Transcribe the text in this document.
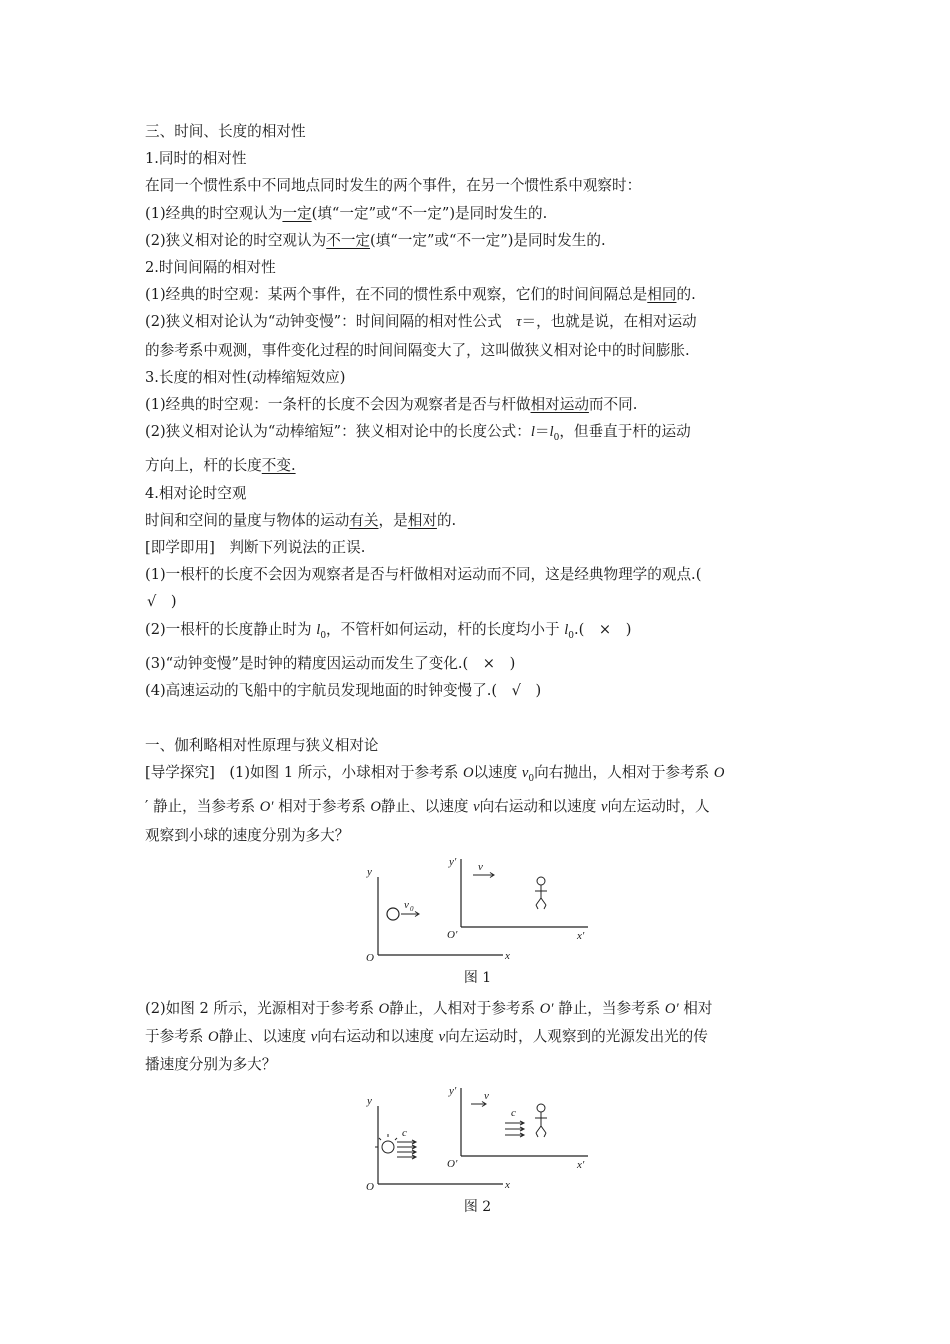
三、时间、长度的相对性
1.同时的相对性
在同一个惯性系中不同地点同时发生的两个事件，在另一个惯性系中观察时：
(1)经典的时空观认为一定(填“一定”或“不一定”)是同时发生的.
(2)狭义相对论的时空观认为不一定(填“一定”或“不一定”)是同时发生的.
2.时间间隔的相对性
(1)经典的时空观：某两个事件，在不同的惯性系中观察，它们的时间间隔总是相同的.
(2)狭义相对论认为“动钟变慢”：时间间隔的相对性公式　τ＝，也就是说，在相对运动
的参考系中观测，事件变化过程的时间间隔变大了，这叫做狭义相对论中的时间膨胀.
3.长度的相对性(动棒缩短效应)
(1)经典的时空观：一条杆的长度不会因为观察者是否与杆做相对运动而不同.
(2)狭义相对论认为“动棒缩短”：狭义相对论中的长度公式：$l=l_0$，但垂直于杆的运动
方向上，杆的长度不变.
4.相对论时空观
时间和空间的量度与物体的运动有关，是相对的.
[即学即用]　判断下列说法的正误.
(1)一根杆的长度不会因为观察者是否与杆做相对运动而不同，这是经典物理学的观点.(
√　)
(2)一根杆的长度静止时为 $l_0$，不管杆如何运动，杆的长度均小于 $l_0$.(　×　)
(3)“动钟变慢”是时钟的精度因运动而发生了变化.(　×　)
(4)高速运动的飞船中的宇航员发现地面的时钟变慢了.(　√　)
一、伽利略相对性原理与狭义相对论
[导学探究]　(1)如图 1 所示，小球相对于参考系 O以速度 $v_0$向右抛出，人相对于参考系 O
′ 静止，当参考系 O′ 相对于参考系 O静止、以速度 v向右运动和以速度 v向左运动时，人
观察到小球的速度分别为多大？
y
x
O
v 0
y′
x′
O′
v
图 1
(2)如图 2 所示，光源相对于参考系 O静止，人相对于参考系 O′ 静止，当参考系 O′ 相对
于参考系 O静止、以速度 v向右运动和以速度 v向左运动时，人观察到的光源发出光的传
播速度分别为多大？
y
x
O
c
y′
x′
O′
v
c
图 2
